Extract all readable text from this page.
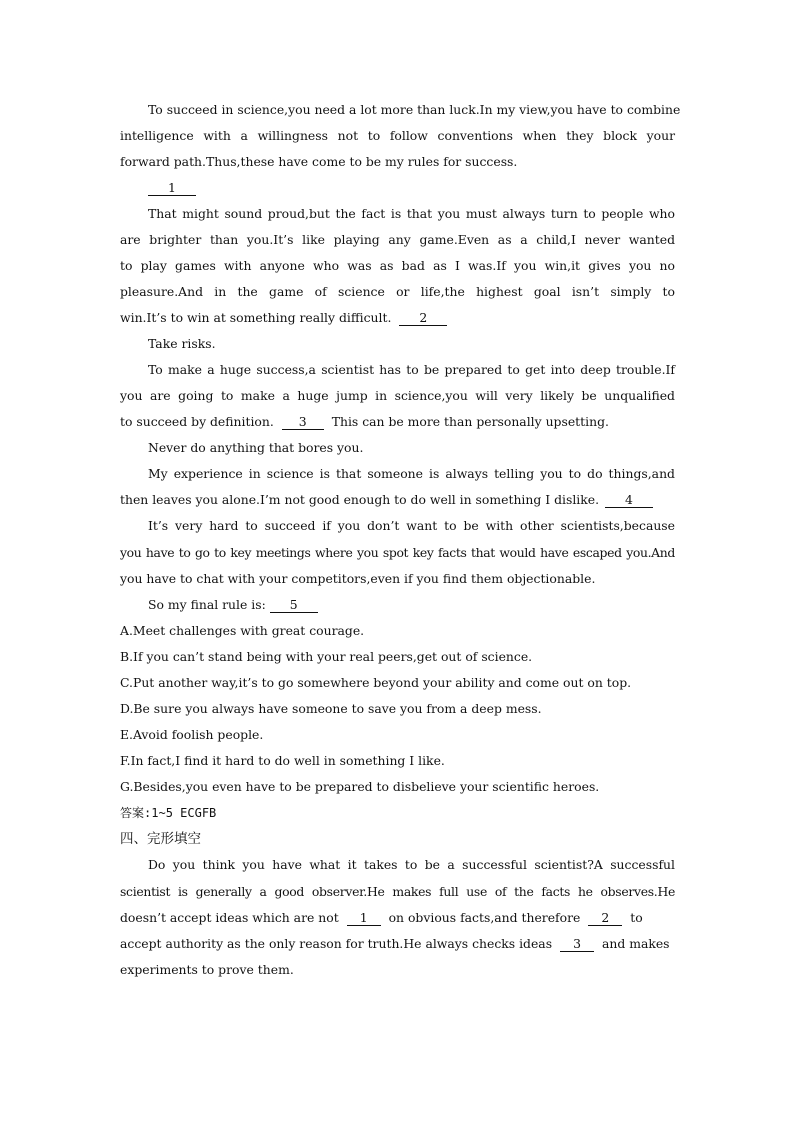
To succeed in science,you need a lot more than luck.In my view,you have to combine
intelligence with a willingness not to follow conventions when they block your
forward path.Thus,these have come to be my rules for success.
1
That might sound proud,but the fact is that you must always turn to people who
are brighter than you.It’s like playing any game.Even as a child,I never wanted
to play games with anyone who was as bad as I was.If you win,it gives you no
pleasure.And in the game of science or life,the highest goal isn’t simply to
win.It’s to win at something really difficult. 2
Take risks.
To make a huge success,a scientist has to be prepared to get into deep trouble.If
you are going to make a huge jump in science,you will very likely be unqualified
to succeed by definition. 3 This can be more than personally upsetting.
Never do anything that bores you.
My experience in science is that someone is always telling you to do things,and
then leaves you alone.I’m not good enough to do well in something I dislike. 4
It’s very hard to succeed if you don’t want to be with other scientists,because
you have to go to key meetings where you spot key facts that would have escaped you.And
you have to chat with your competitors,even if you find them objectionable.
So my final rule is: 5
A.Meet challenges with great courage.
B.If you can’t stand being with your real peers,get out of science.
C.Put another way,it’s to go somewhere beyond your ability and come out on top.
D.Be sure you always have someone to save you from a deep mess.
E.Avoid foolish people.
F.In fact,I find it hard to do well in something I like.
G.Besides,you even have to be prepared to disbelieve your scientific heroes.
答案:1~5 ECGFB
四、完形填空
Do you think you have what it takes to be a successful scientist?A successful
scientist is generally a good observer.He makes full use of the facts he observes.He
doesn’t accept ideas which are not 1 on obvious facts,and therefore 2 to
accept authority as the only reason for truth.He always checks ideas 3 and makes
experiments to prove them.
